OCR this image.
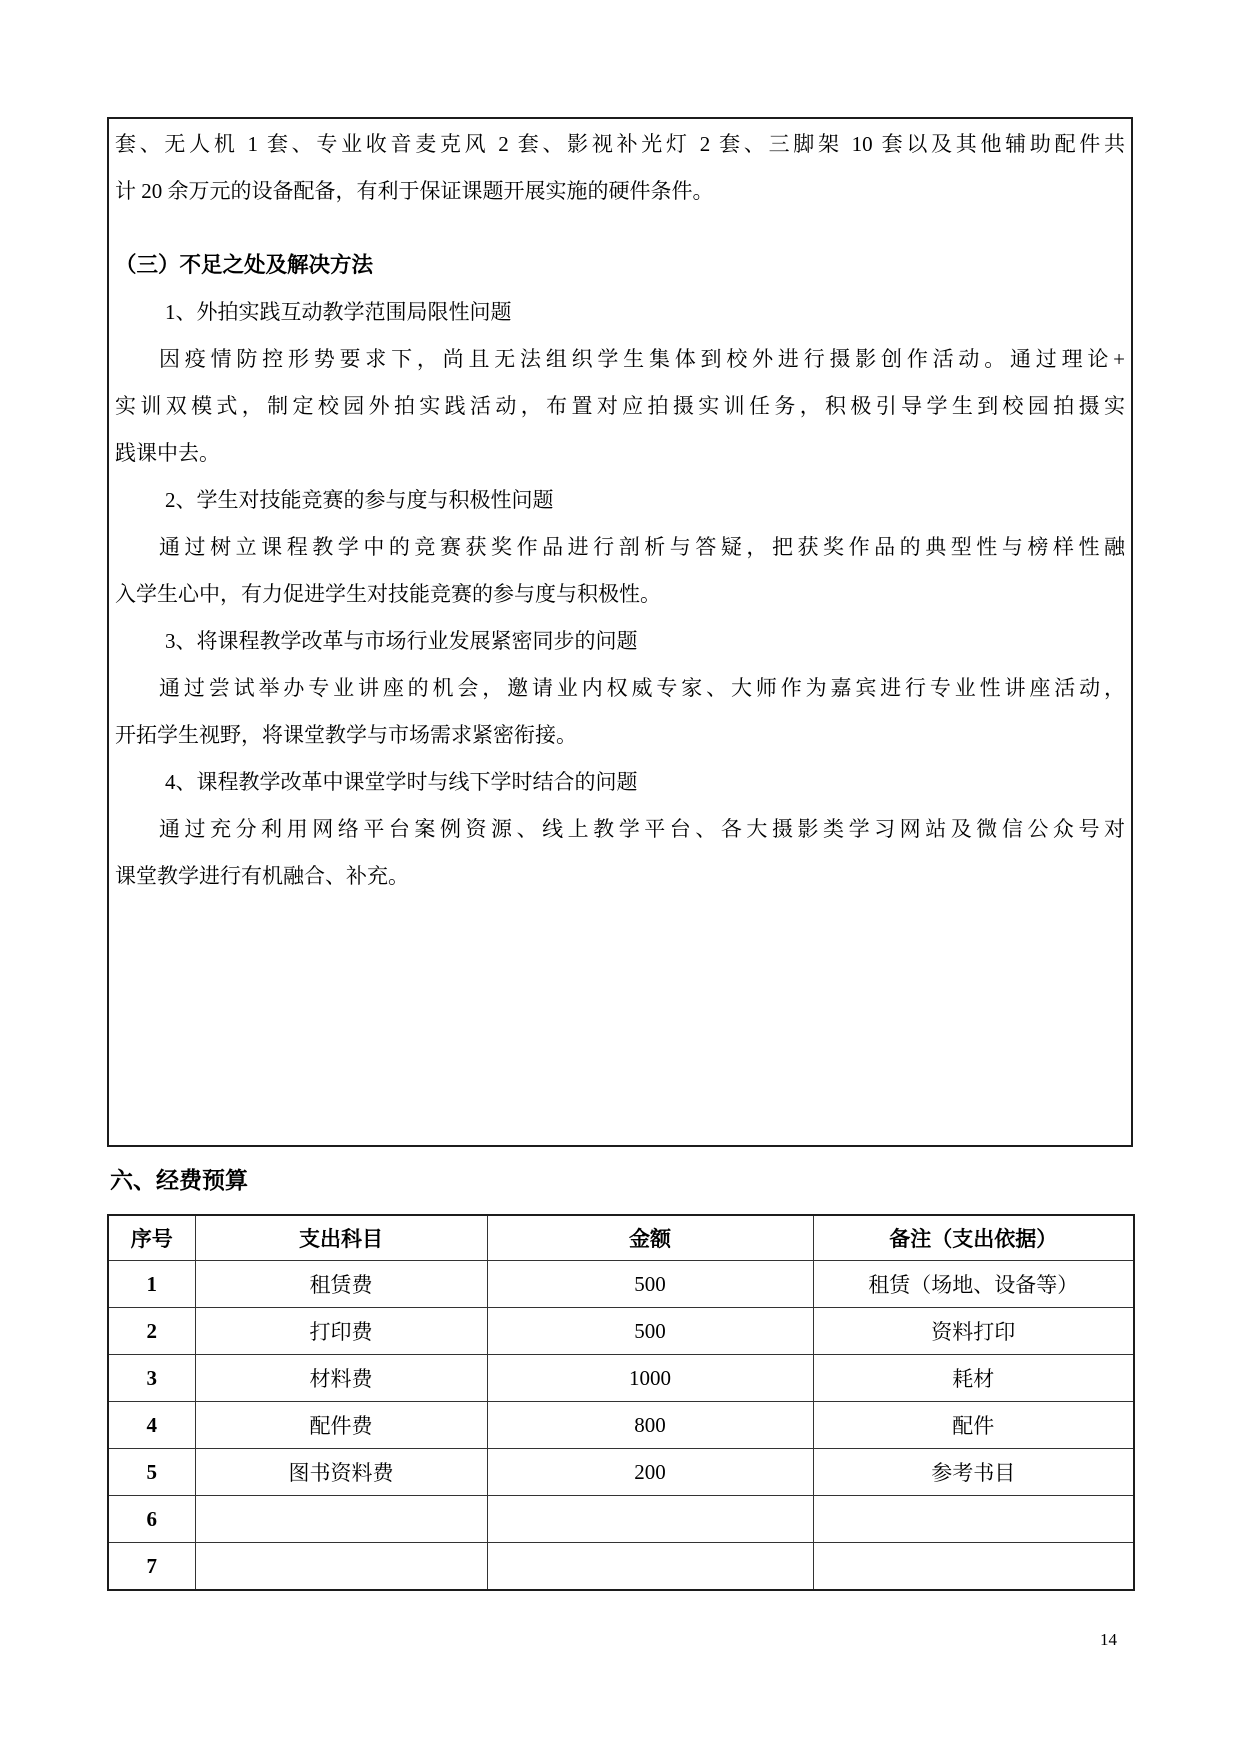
套、无人机 1 套、专业收音麦克风 2 套、影视补光灯 2 套、三脚架 10 套以及其他辅助配件共
计 20 余万元的设备配备，有利于保证课题开展实施的硬件条件。
（三）不足之处及解决方法
1、外拍实践互动教学范围局限性问题
因疫情防控形势要求下，尚且无法组织学生集体到校外进行摄影创作活动。通过理论+
实训双模式，制定校园外拍实践活动，布置对应拍摄实训任务，积极引导学生到校园拍摄实
践课中去。
2、学生对技能竞赛的参与度与积极性问题
通过树立课程教学中的竞赛获奖作品进行剖析与答疑，把获奖作品的典型性与榜样性融
入学生心中，有力促进学生对技能竞赛的参与度与积极性。
3、将课程教学改革与市场行业发展紧密同步的问题
通过尝试举办专业讲座的机会，邀请业内权威专家、大师作为嘉宾进行专业性讲座活动，
开拓学生视野，将课堂教学与市场需求紧密衔接。
4、课程教学改革中课堂学时与线下学时结合的问题
通过充分利用网络平台案例资源、线上教学平台、各大摄影类学习网站及微信公众号对
课堂教学进行有机融合、补充。
六、经费预算
序号	支出科目	金额	备注（支出依据）
1	租赁费	500	租赁（场地、设备等）
2	打印费	500	资料打印
3	材料费	1000	耗材
4	配件费	800	配件
5	图书资料费	200	参考书目
6			
7			
14
